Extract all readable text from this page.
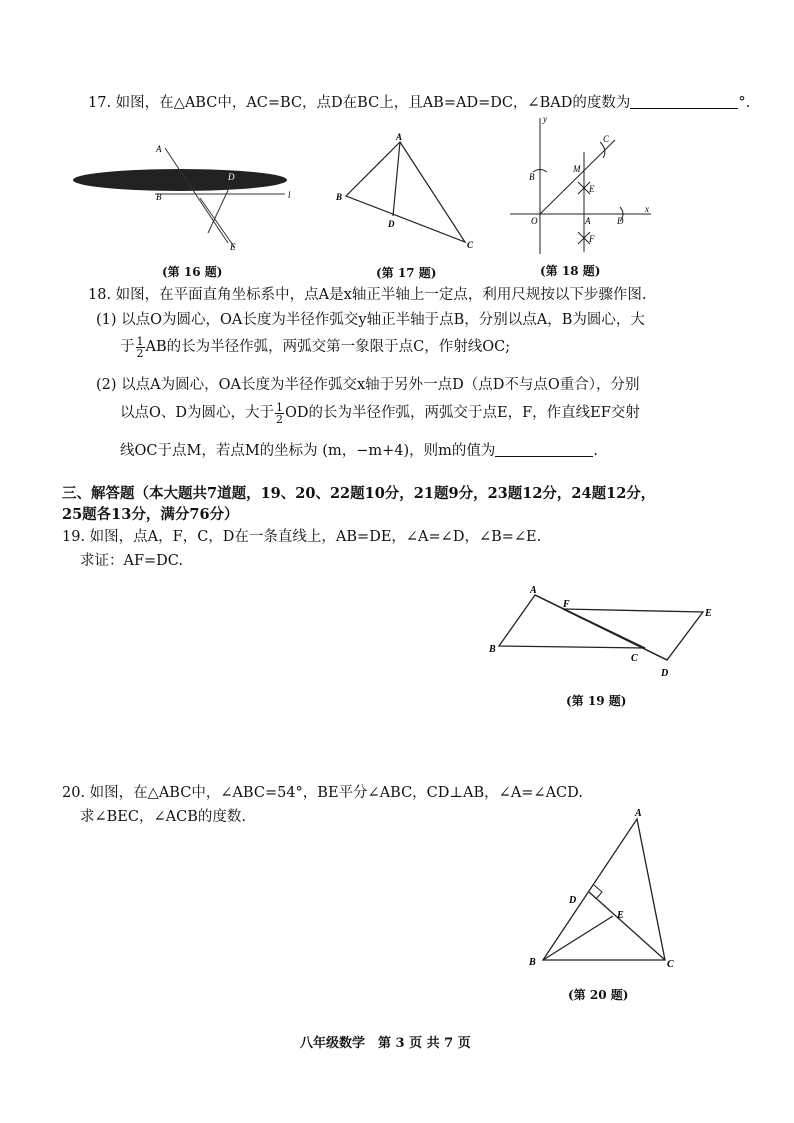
17. 如图，在△ABC中，AC=BC，点D在BC上，且AB=AD=DC，∠BAD的度数为	°.
A
B
D
l
E
(第 16 题)
A
B
D
C
(第 17 题)
y
C
M
B
E
O	A	D
x
F
(第 18 题)
18. 如图，在平面直角坐标系中，点A是x轴正半轴上一定点，利用尺规按以下步骤作图.
(1) 以点O为圆心，OA长度为半径作弧交y轴正半轴于点B，分别以点A，B为圆心，大
于 $\frac{1}{2}$ AB的长为半径作弧，两弧交第一象限于点C，作射线OC;
(2) 以点A为圆心，OA长度为半径作弧交x轴于另外一点D（点D不与点O重合），分别
以点O、D为圆心，大于 $\frac{1}{2}$ OD的长为半径作弧，两弧交于点E，F，作直线EF交射
线OC于点M，若点M的坐标为 (m，−m+4)，则m的值为	.
三、解答题（本大题共7道题，19、20、22题10分，21题9分，23题12分，24题12分，
25题各13分，满分76分）
19. 如图，点A，F，C，D在一条直线上，AB=DE，∠A=∠D，∠B=∠E.
求证：AF=DC.
A
F
E
B
C
D
(第 19 题)
20. 如图，在△ABC中，∠ABC=54°，BE平分∠ABC，CD⊥AB，∠A=∠ACD.
求∠BEC，∠ACB的度数.	A
D
E
B	C
(第 20 题)
八年级数学　第 3 页 共 7 页
